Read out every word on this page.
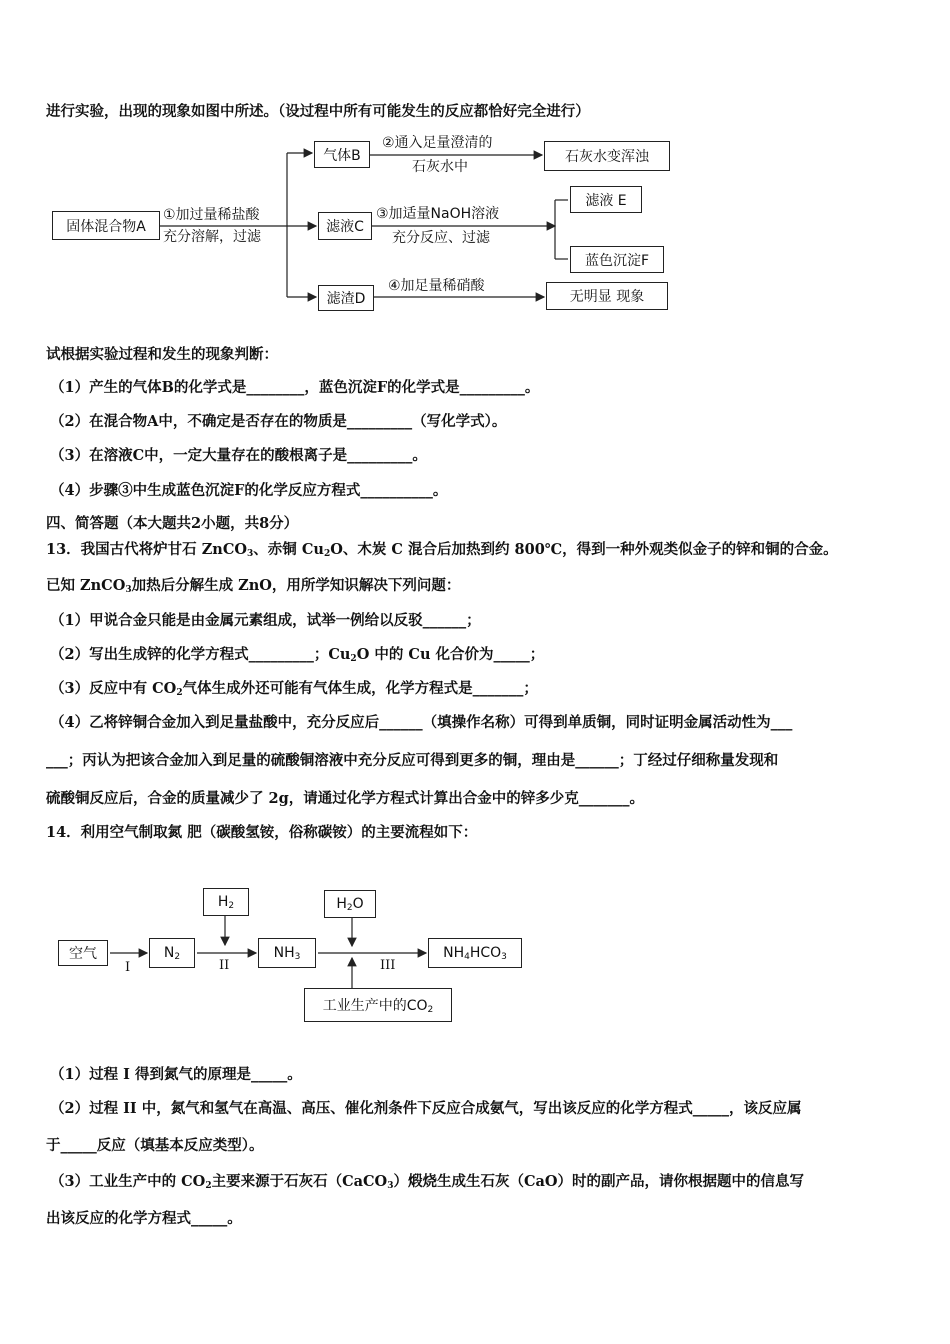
进行实验，出现的现象如图中所述。（设过程中所有可能发生的反应都恰好完全进行）
固体混合物A
①加过量稀盐酸
充分溶解，过滤
气体B
②通入足量澄清的
石灰水中
石灰水变浑浊
滤液C
③加适量NaOH溶液
充分反应、过滤
滤液 E
蓝色沉淀F
滤渣D
④加足量稀硝酸
无明显 现象
试根据实验过程和发生的现象判断：
（1）产生的气体B的化学式是________，蓝色沉淀F的化学式是_________。
（2）在混合物A中，不确定是否存在的物质是_________（写化学式）。
（3）在溶液C中，一定大量存在的酸根离子是_________。
（4）步骤③中生成蓝色沉淀F的化学反应方程式__________。
四、简答题（本大题共2小题，共8分）
13．我国古代将炉甘石 ZnCO$_3$、赤铜 $Cu_2O$、木炭 C 混合后加热到约 800℃，得到一种外观类似金子的锌和铜的合金。
已知 ZnCO$_3$加热后分解生成 ZnO，用所学知识解决下列问题：
（1）甲说合金只能是由金属元素组成，试举一例给以反驳______；
（2）写出生成锌的化学方程式_________；$Cu_2O$ 中的 Cu 化合价为_____；
（3）反应中有 $CO_2$气体生成外还可能有气体生成，化学方程式是_______；
（4）乙将锌铜合金加入到足量盐酸中，充分反应后______（填操作名称）可得到单质铜，同时证明金属活动性为___
___；丙认为把该合金加入到足量的硫酸铜溶液中充分反应可得到更多的铜，理由是______；丁经过仔细称量发现和
硫酸铜反应后，合金的质量减少了 2g，请通过化学方程式计算出合金中的锌多少克_______。
14．利用空气制取氮 肥（碳酸氢铵，俗称碳铵）的主要流程如下：
空气	$N_2$
$H_2$
$NH_3$
$H_2O$
$NH_4HCO_3$
工业生产中的$CO_2$
I	II	III
（1）过程 I 得到氮气的原理是_____。
（2）过程 II 中，氮气和氢气在高温、高压、催化剂条件下反应合成氨气，写出该反应的化学方程式_____，该反应属
于_____反应（填基本反应类型）。
（3）工业生产中的 $CO_2$主要来源于石灰石（CaCO$_3$）煅烧生成生石灰（CaO）时的副产品，请你根据题中的信息写
出该反应的化学方程式_____。
